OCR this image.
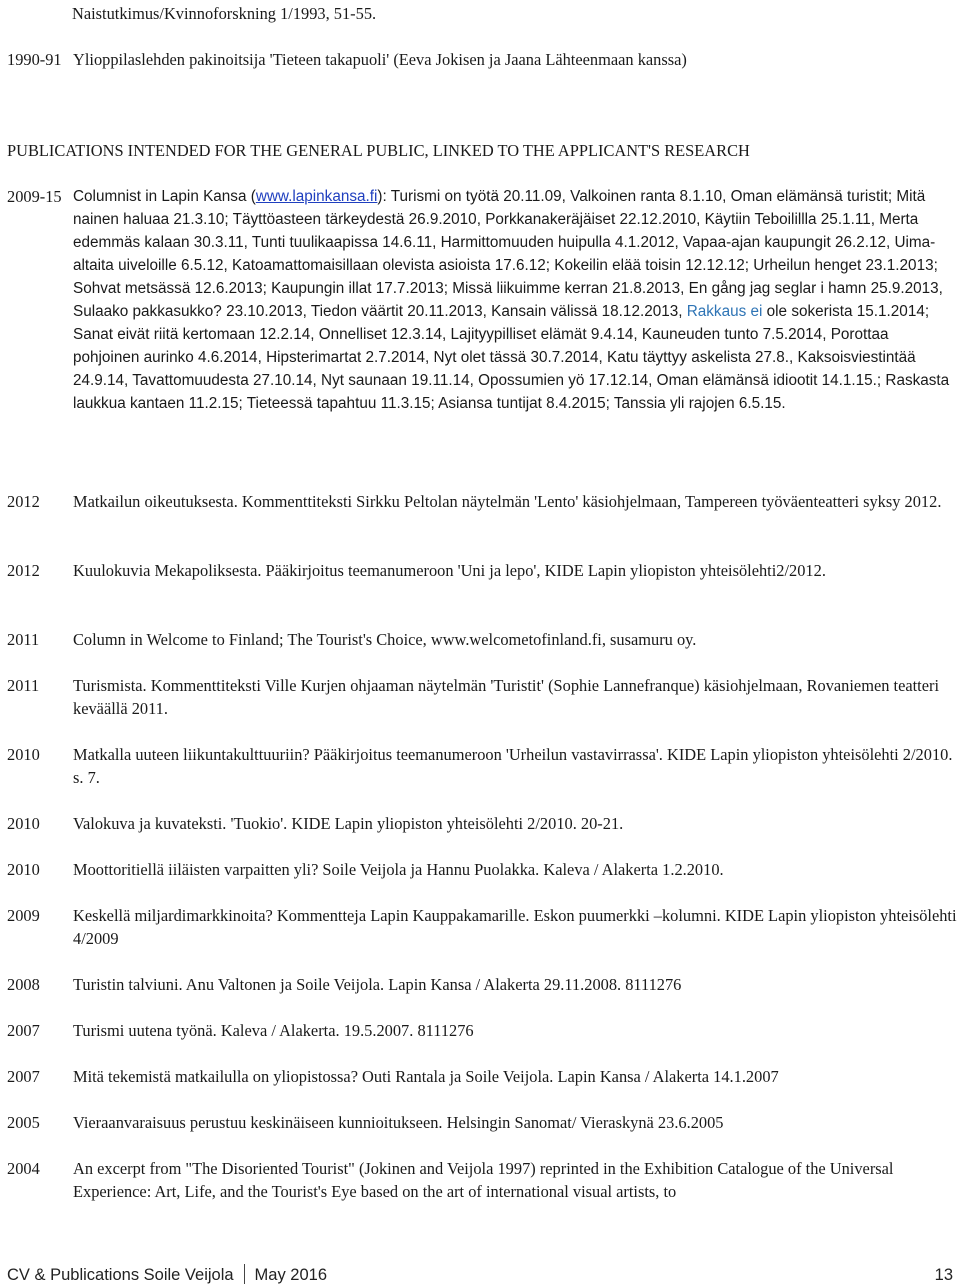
Naistutkimus/Kvinnoforskning 1/1993, 51-55.
1990-91 Ylioppilaslehden pakinoitsija 'Tieteen takapuoli' (Eeva Jokisen ja Jaana Lähteenmaan kanssa)
PUBLICATIONS INTENDED FOR THE GENERAL PUBLIC, LINKED TO THE APPLICANT'S RESEARCH
2009-15 Columnist in Lapin Kansa (www.lapinkansa.fi): Turismi on työtä 20.11.09, Valkoinen ranta 8.1.10, Oman elämänsä turistit; Mitä nainen haluaa 21.3.10; Täyttöasteen tärkeydestä 26.9.2010, Porkkanakeräjäiset 22.12.2010, Käytiin Teboilillla 25.1.11, Merta edemmäs kalaan 30.3.11, Tunti tuulikaapissa 14.6.11, Harmittomuuden huipulla 4.1.2012, Vapaa-ajan kaupungit 26.2.12, Uima-altaita uiveloille 6.5.12, Katoamattomaisillaan olevista asioista 17.6.12; Kokeilin elää toisin 12.12.12; Urheilun henget 23.1.2013; Sohvat metsässä 12.6.2013; Kaupungin illat 17.7.2013; Missä liikuimme kerran 21.8.2013, En gång jag seglar i hamn 25.9.2013, Sulaako pakkasukko? 23.10.2013, Tiedon väärtit 20.11.2013, Kansain välissä 18.12.2013, Rakkaus ei ole sokerista 15.1.2014; Sanat eivät riitä kertomaan 12.2.14, Onnelliset 12.3.14, Lajityypilliset elämät 9.4.14, Kauneuden tunto 7.5.2014, Porottaa pohjoinen aurinko 4.6.2014, Hipsterimartat 2.7.2014, Nyt olet tässä 30.7.2014, Katu täyttyy askelista 27.8., Kaksoisviestintää 24.9.14, Tavattomuudesta 27.10.14, Nyt saunaan 19.11.14, Opossumien yö 17.12.14, Oman elämänsä idiootit 14.1.15.; Raskasta laukkua kantaen 11.2.15; Tieteessä tapahtuu 11.3.15; Asiansa tuntijat 8.4.2015; Tanssia yli rajojen 6.5.15.
2012	Matkailun oikeutuksesta. Kommenttiteksti Sirkku Peltolan näytelmän 'Lento' käsiohjelmaan, Tampereen työväenteatteri syksy 2012.
2012	Kuulokuvia Mekapoliksesta. Pääkirjoitus teemanumeroon 'Uni ja lepo', KIDE Lapin yliopiston yhteisölehti2/2012.
2011	Column in Welcome to Finland; The Tourist's Choice, www.welcometofinland.fi, susamuru oy.
2011	Turismista. Kommenttiteksti Ville Kurjen ohjaaman näytelmän 'Turistit' (Sophie Lannefranque) käsiohjelmaan, Rovaniemen teatteri keväällä 2011.
2010	Matkalla uuteen liikuntakulttuuriin? Pääkirjoitus teemanumeroon 'Urheilun vastavirrassa'. KIDE Lapin yliopiston yhteisölehti 2/2010. s. 7.
2010	Valokuva ja kuvateksti. 'Tuokio'. KIDE Lapin yliopiston yhteisölehti 2/2010. 20-21.
2010	Moottoritiellä iiläisten varpaitten yli? Soile Veijola ja Hannu Puolakka. Kaleva / Alakerta 1.2.2010.
2009	Keskellä miljardimarkkinoita? Kommentteja Lapin Kauppakamarille. Eskon puumerkki –kolumni. KIDE Lapin yliopiston yhteisölehti 4/2009
2008	Turistin talviuni. Anu Valtonen ja Soile Veijola. Lapin Kansa / Alakerta 29.11.2008. 8111276
2007	Turismi uutena työnä. Kaleva / Alakerta. 19.5.2007. 8111276
2007	Mitä tekemistä matkailulla on yliopistossa? Outi Rantala ja Soile Veijola. Lapin Kansa / Alakerta 14.1.2007
2005	Vieraanvaraisuus perustuu keskinäiseen kunnioitukseen. Helsingin Sanomat/ Vieraskynä 23.6.2005
2004	An excerpt from "The Disoriented Tourist" (Jokinen and Veijola 1997) reprinted in the Exhibition Catalogue of the Universal Experience: Art, Life, and the Tourist's Eye based on the art of international visual artists, to
CV & Publications Soile Veijola May 2016	13
